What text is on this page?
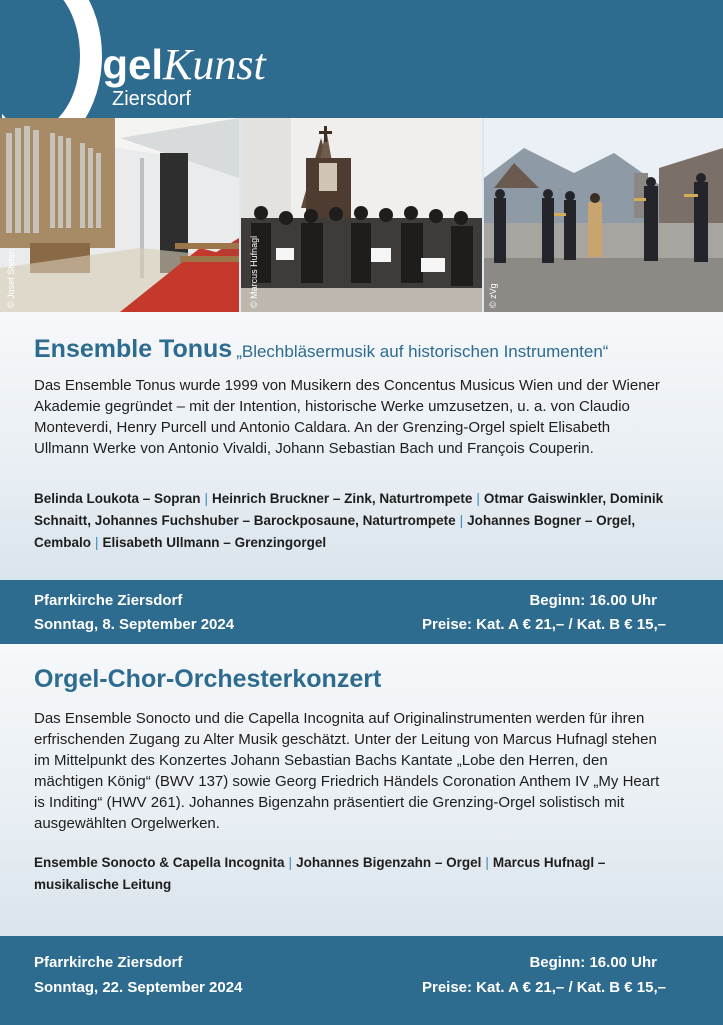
rgelKunst
Ziersdorf
© Josef Stefan	© Marcus Hufnagl	© zVg
Ensemble Tonus „Blechbläsermusik auf historischen Instrumenten“
Das Ensemble Tonus wurde 1999 von Musikern des Concentus Musicus Wien und der Wiener Akademie gegründet – mit der Intention, historische Werke umzusetzen, u. a. von Claudio Monteverdi, Henry Purcell und Antonio Caldara. An der Grenzing-Orgel spielt Elisabeth Ullmann Werke von Antonio Vivaldi, Johann Sebastian Bach und François Couperin.
Belinda Loukota – Sopran | Heinrich Bruckner – Zink, Naturtrompete | Otmar Gaiswinkler, Dominik Schnaitt, Johannes Fuchshuber – Barockposaune, Naturtrompete | Johannes Bogner – Orgel, Cembalo | Elisabeth Ullmann – Grenzingorgel
Pfarrkirche Ziersdorf
Sonntag, 8. September 2024
Beginn: 16.00 Uhr
Preise: Kat. A € 21,– / Kat. B € 15,–
Orgel-Chor-Orchesterkonzert
Das Ensemble Sonocto und die Capella Incognita auf Originalinstrumenten werden für ihren erfrischenden Zugang zu Alter Musik geschätzt. Unter der Leitung von Marcus Hufnagl stehen im Mittelpunkt des Konzertes Johann Sebastian Bachs Kantate „Lobe den Herren, den mächtigen König“ (BWV 137) sowie Georg Friedrich Händels Coronation Anthem IV „My Heart is Inditing“ (HWV 261). Johannes Bigenzahn präsentiert die Grenzing-Orgel solistisch mit ausgewählten Orgelwerken.
Ensemble Sonocto & Capella Incognita | Johannes Bigenzahn – Orgel | Marcus Hufnagl – musikalische Leitung
Pfarrkirche Ziersdorf
Sonntag, 22. September 2024
Beginn: 16.00 Uhr
Preise: Kat. A € 21,– / Kat. B € 15,–
